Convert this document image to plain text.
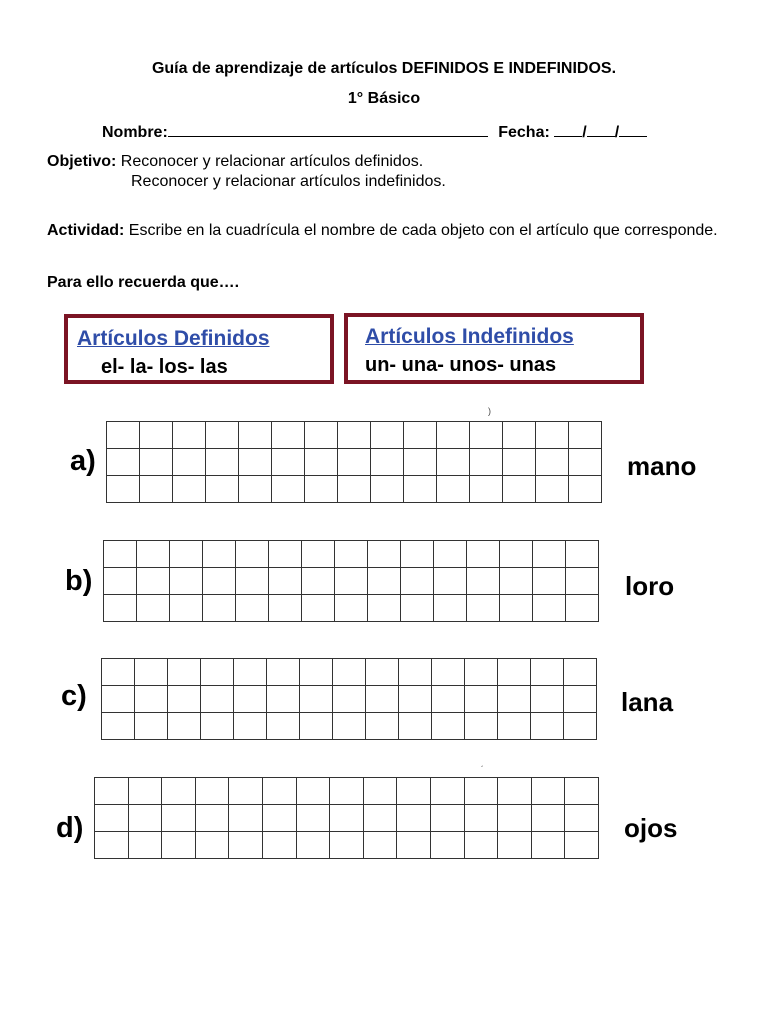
Guía de aprendizaje de artículos DEFINIDOS E INDEFINIDOS.
1° Básico
Nombre:	Fecha: / /
Objetivo: Reconocer y relacionar artículos definidos.
Reconocer y relacionar artículos indefinidos.
Actividad: Escribe en la cuadrícula el nombre de cada objeto con el artículo que corresponde.
Para ello recuerda que….
Artículos Definidos
el- la- los- las
Artículos Indefinidos
un- una- unos- unas
)
a)

															mano
b)

															loro
c)

															lana
d)

															ojos
